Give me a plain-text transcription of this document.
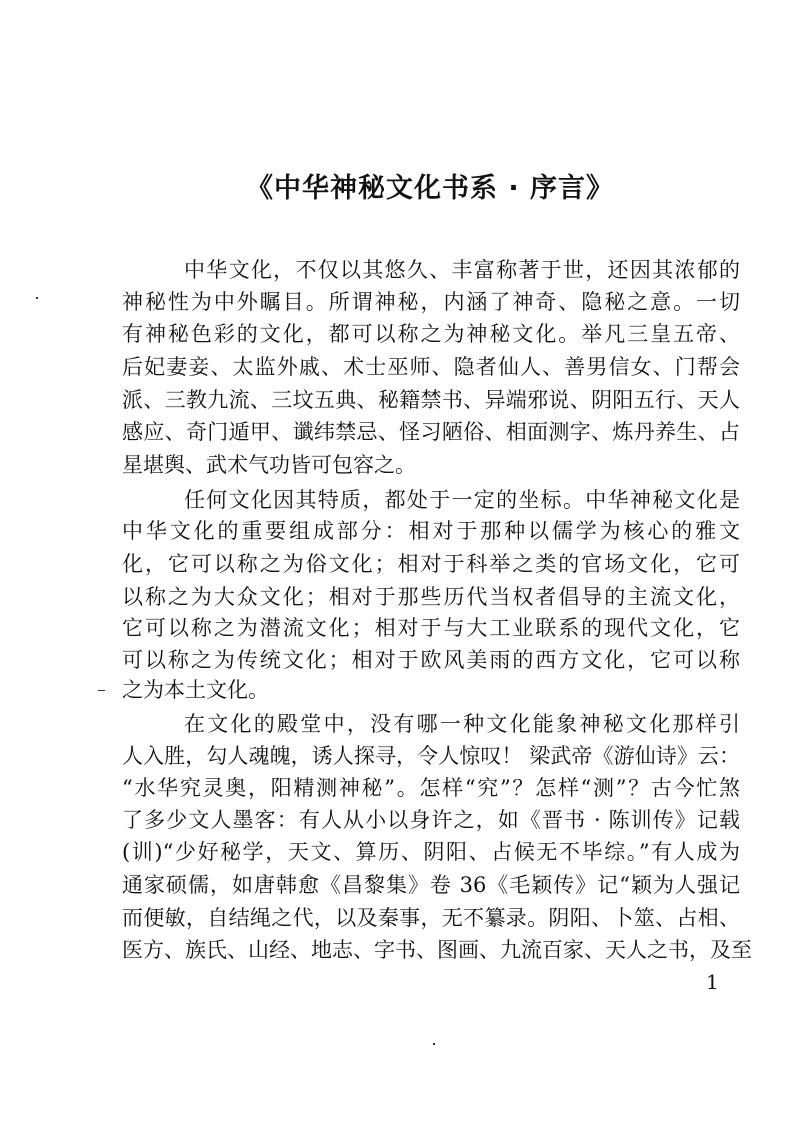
《中华神秘文化书系 · 序言》
中华文化，不仅以其悠久、丰富称著于世，还因其浓郁的
神秘性为中外瞩目。所谓神秘，内涵了神奇、隐秘之意。一切
有神秘色彩的文化，都可以称之为神秘文化。举凡三皇五帝、
后妃妻妾、太监外戚、术士巫师、隐者仙人、善男信女、门帮会
派、三教九流、三坟五典、秘籍禁书、异端邪说、阴阳五行、天人
感应、奇门遁甲、谶纬禁忌、怪习陋俗、相面测字、炼丹养生、占
星堪舆、武术气功皆可包容之。
任何文化因其特质，都处于一定的坐标。中华神秘文化是
中华文化的重要组成部分：相对于那种以儒学为核心的雅文
化，它可以称之为俗文化；相对于科举之类的官场文化，它可
以称之为大众文化；相对于那些历代当权者倡导的主流文化，
它可以称之为潜流文化；相对于与大工业联系的现代文化，它
可以称之为传统文化；相对于欧风美雨的西方文化，它可以称
之为本土文化。
在文化的殿堂中，没有哪一种文化能象神秘文化那样引
人入胜，勾人魂魄，诱人探寻，令人惊叹！ 梁武帝《游仙诗》云：
“水华究灵奥，阳精测神秘”。怎样“究”？怎样“测”？古今忙煞
了多少文人墨客：有人从小以身许之，如《晋书 · 陈训传》记载
(训)“少好秘学，天文、算历、阴阳、占候无不毕综。”有人成为
通家硕儒，如唐韩愈《昌黎集》卷 36《毛颖传》记“颖为人强记
而便敏，自结绳之代，以及秦事，无不纂录。阴阳、卜筮、占相、
医方、族氏、山经、地志、字书、图画、九流百家、天人之书，及至
1
